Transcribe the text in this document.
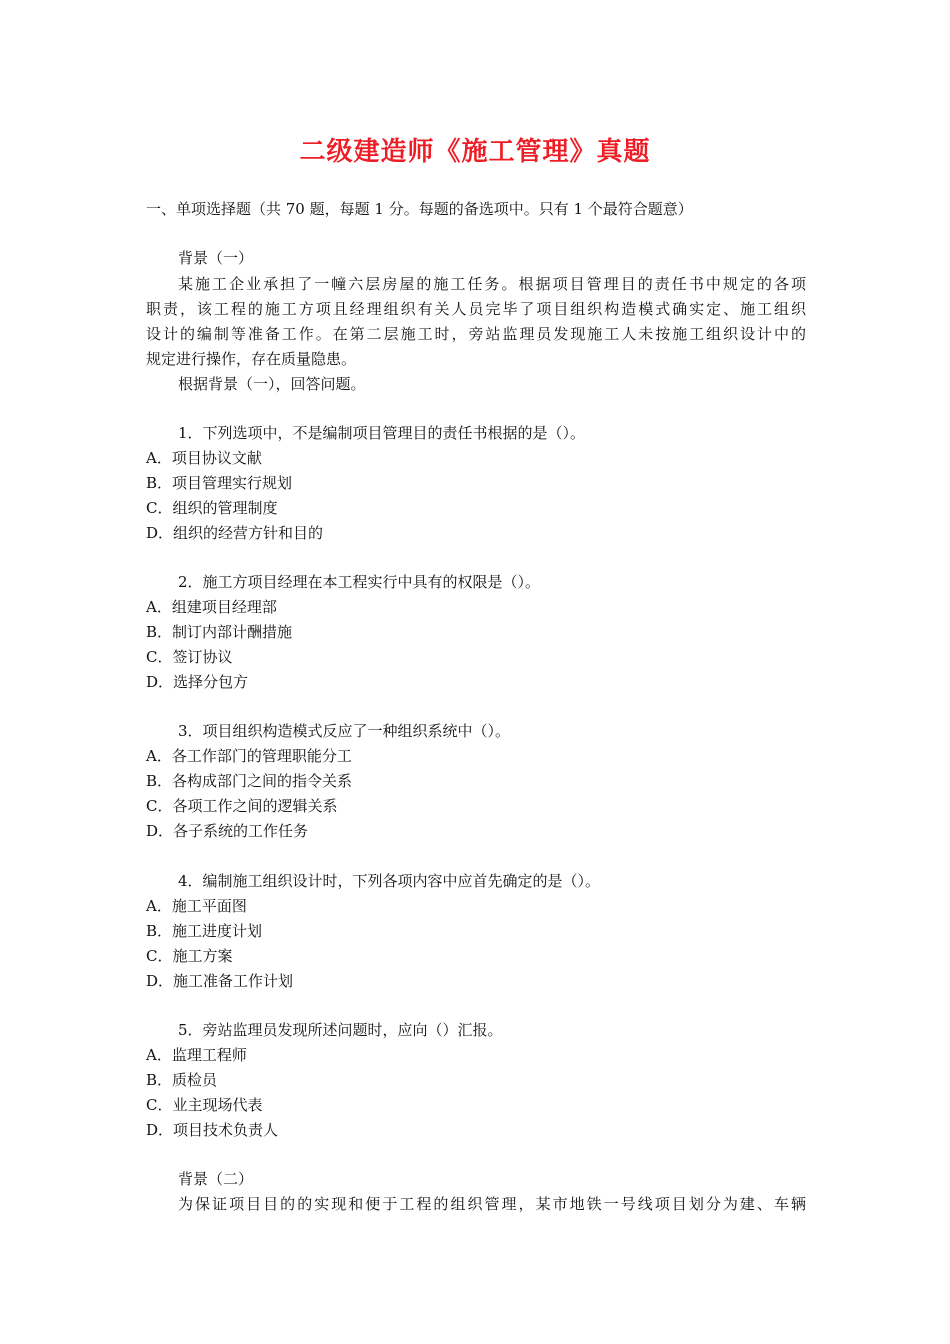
二级建造师《施工管理》真题
一、单项选择题（共 70 题，每题 1 分。每题的备选项中。只有 1 个最符合题意）
背景（一）
某施工企业承担了一幢六层房屋的施工任务。根据项目管理目的责任书中规定的各项
职责，该工程的施工方项且经理组织有关人员完毕了项目组织构造模式确实定、施工组织
设计的编制等准备工作。在第二层施工时，旁站监理员发现施工人未按施工组织设计中的
规定进行操作，存在质量隐患。
根据背景（一），回答问题。
1．下列选项中，不是编制项目管理目的责任书根据的是（）。
A．项目协议文献
B．项目管理实行规划
C．组织的管理制度
D．组织的经营方针和目的
2．施工方项目经理在本工程实行中具有的权限是（）。
A．组建项目经理部
B．制订内部计酬措施
C．签订协议
D．选择分包方
3．项目组织构造模式反应了一种组织系统中（）。
A．各工作部门的管理职能分工
B．各构成部门之间的指令关系
C．各项工作之间的逻辑关系
D．各子系统的工作任务
4．编制施工组织设计时，下列各项内容中应首先确定的是（）。
A．施工平面图
B．施工进度计划
C．施工方案
D．施工准备工作计划
5．旁站监理员发现所述问题时，应向（）汇报。
A．监理工程师
B．质检员
C．业主现场代表
D．项目技术负责人
背景（二）
为保证项目目的的实现和便于工程的组织管理，某市地铁一号线项目划分为建、车辆
